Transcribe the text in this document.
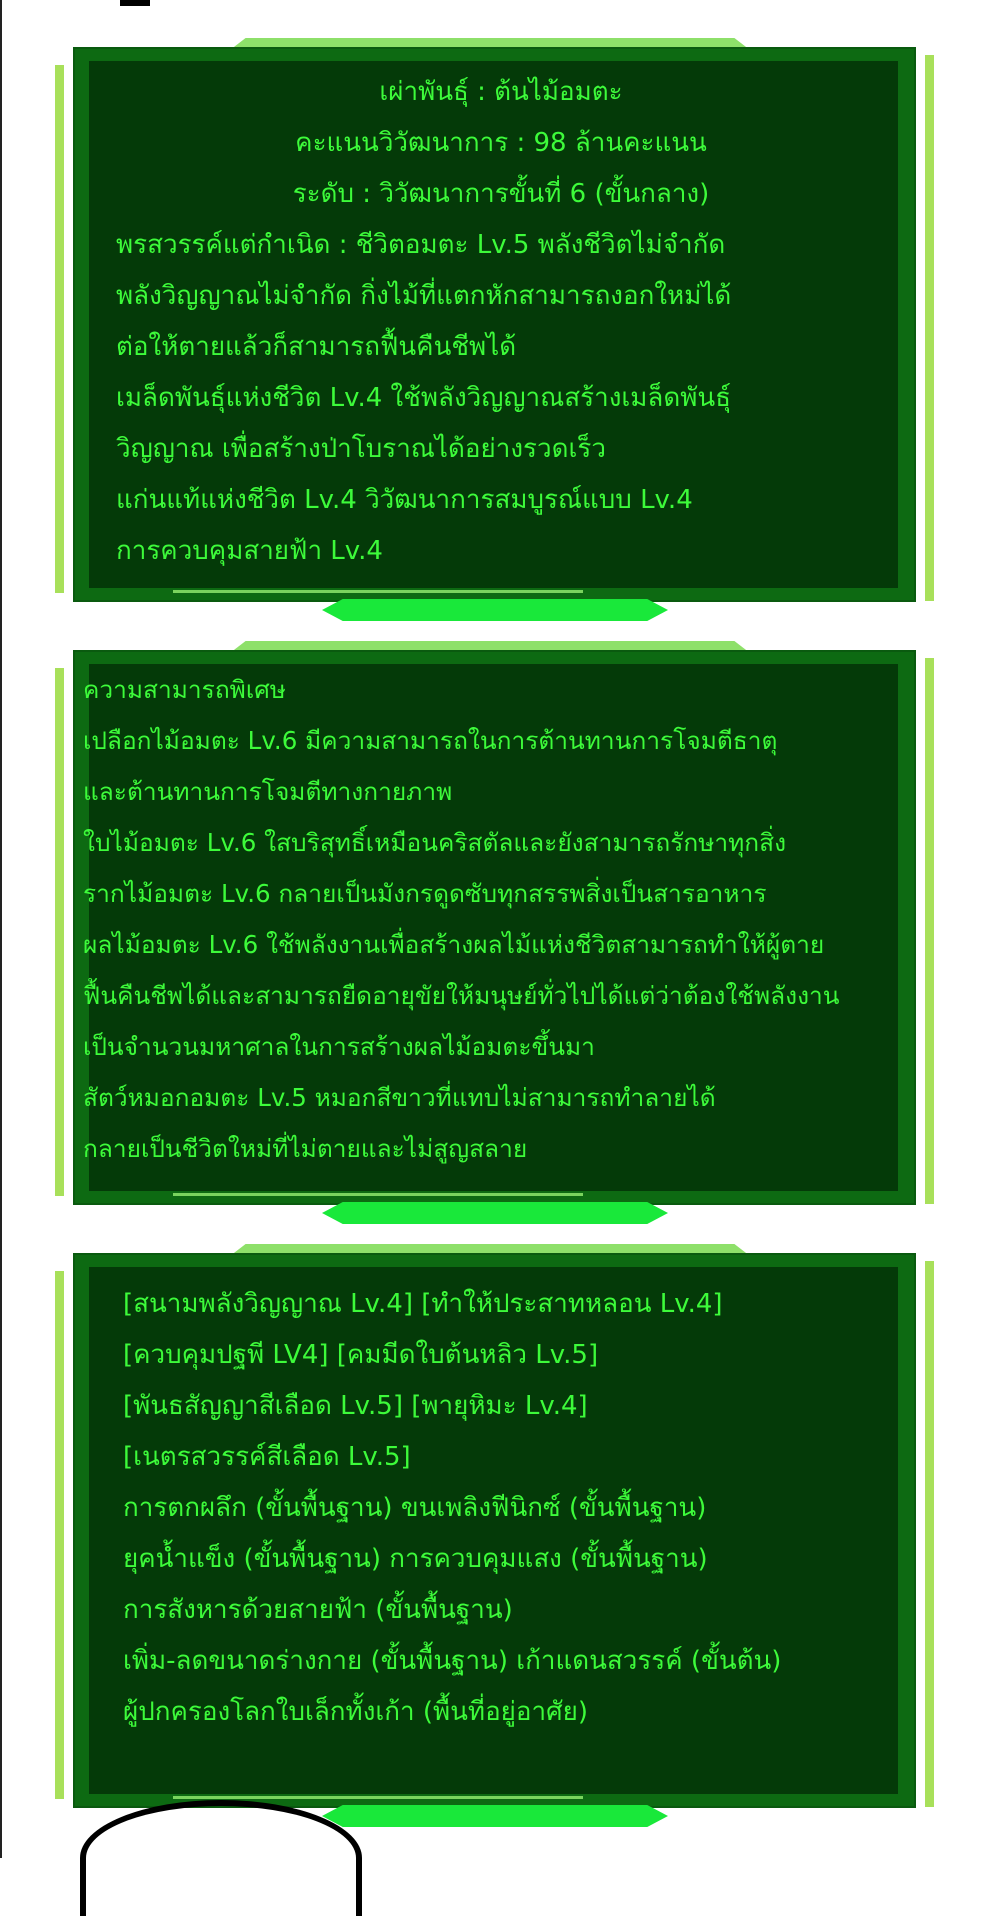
เผ่าพันธุ์ : ต้นไม้อมตะ
คะแนนวิวัฒนาการ : 98 ล้านคะแนน
ระดับ : วิวัฒนาการขั้นที่ 6 (ขั้นกลาง)
พรสวรรค์แต่กำเนิด : ชีวิตอมตะ Lv.5 พลังชีวิตไม่จำกัด
พลังวิญญาณไม่จำกัด กิ่งไม้ที่แตกหักสามารถงอกใหม่ได้
ต่อให้ตายแล้วก็สามารถฟื้นคืนชีพได้
เมล็ดพันธุ์แห่งชีวิต Lv.4 ใช้พลังวิญญาณสร้างเมล็ดพันธุ์
วิญญาณ เพื่อสร้างป่าโบราณได้อย่างรวดเร็ว
แก่นแท้แห่งชีวิต Lv.4 วิวัฒนาการสมบูรณ์แบบ Lv.4
การควบคุมสายฟ้า Lv.4
ความสามารถพิเศษ
เปลือกไม้อมตะ Lv.6 มีความสามารถในการต้านทานการโจมตีธาตุ
และต้านทานการโจมตีทางกายภาพ
ใบไม้อมตะ Lv.6 ใสบริสุทธิ์เหมือนคริสตัลและยังสามารถรักษาทุกสิ่ง
รากไม้อมตะ Lv.6 กลายเป็นมังกรดูดซับทุกสรรพสิ่งเป็นสารอาหาร
ผลไม้อมตะ Lv.6 ใช้พลังงานเพื่อสร้างผลไม้แห่งชีวิตสามารถทำให้ผู้ตาย
ฟื้นคืนชีพได้และสามารถยืดอายุขัยให้มนุษย์ทั่วไปได้แต่ว่าต้องใช้พลังงาน
เป็นจำนวนมหาศาลในการสร้างผลไม้อมตะขึ้นมา
สัตว์หมอกอมตะ Lv.5 หมอกสีขาวที่แทบไม่สามารถทำลายได้
กลายเป็นชีวิตใหม่ที่ไม่ตายและไม่สูญสลาย
[สนามพลังวิญญาณ Lv.4] [ทำให้ประสาทหลอน Lv.4]
[ควบคุมปฐพี LV4] [คมมีดใบต้นหลิว Lv.5]
[พันธสัญญาสีเลือด Lv.5] [พายุหิมะ Lv.4]
[เนตรสวรรค์สีเลือด Lv.5]
การตกผลึก (ขั้นพื้นฐาน) ขนเพลิงฟีนิกซ์ (ขั้นพื้นฐาน)
ยุคน้ำแข็ง (ขั้นพื้นฐาน) การควบคุมแสง (ขั้นพื้นฐาน)
การสังหารด้วยสายฟ้า (ขั้นพื้นฐาน)
เพิ่ม-ลดขนาดร่างกาย (ขั้นพื้นฐาน) เก้าแดนสวรรค์ (ขั้นต้น)
ผู้ปกครองโลกใบเล็กทั้งเก้า (พื้นที่อยู่อาศัย)
